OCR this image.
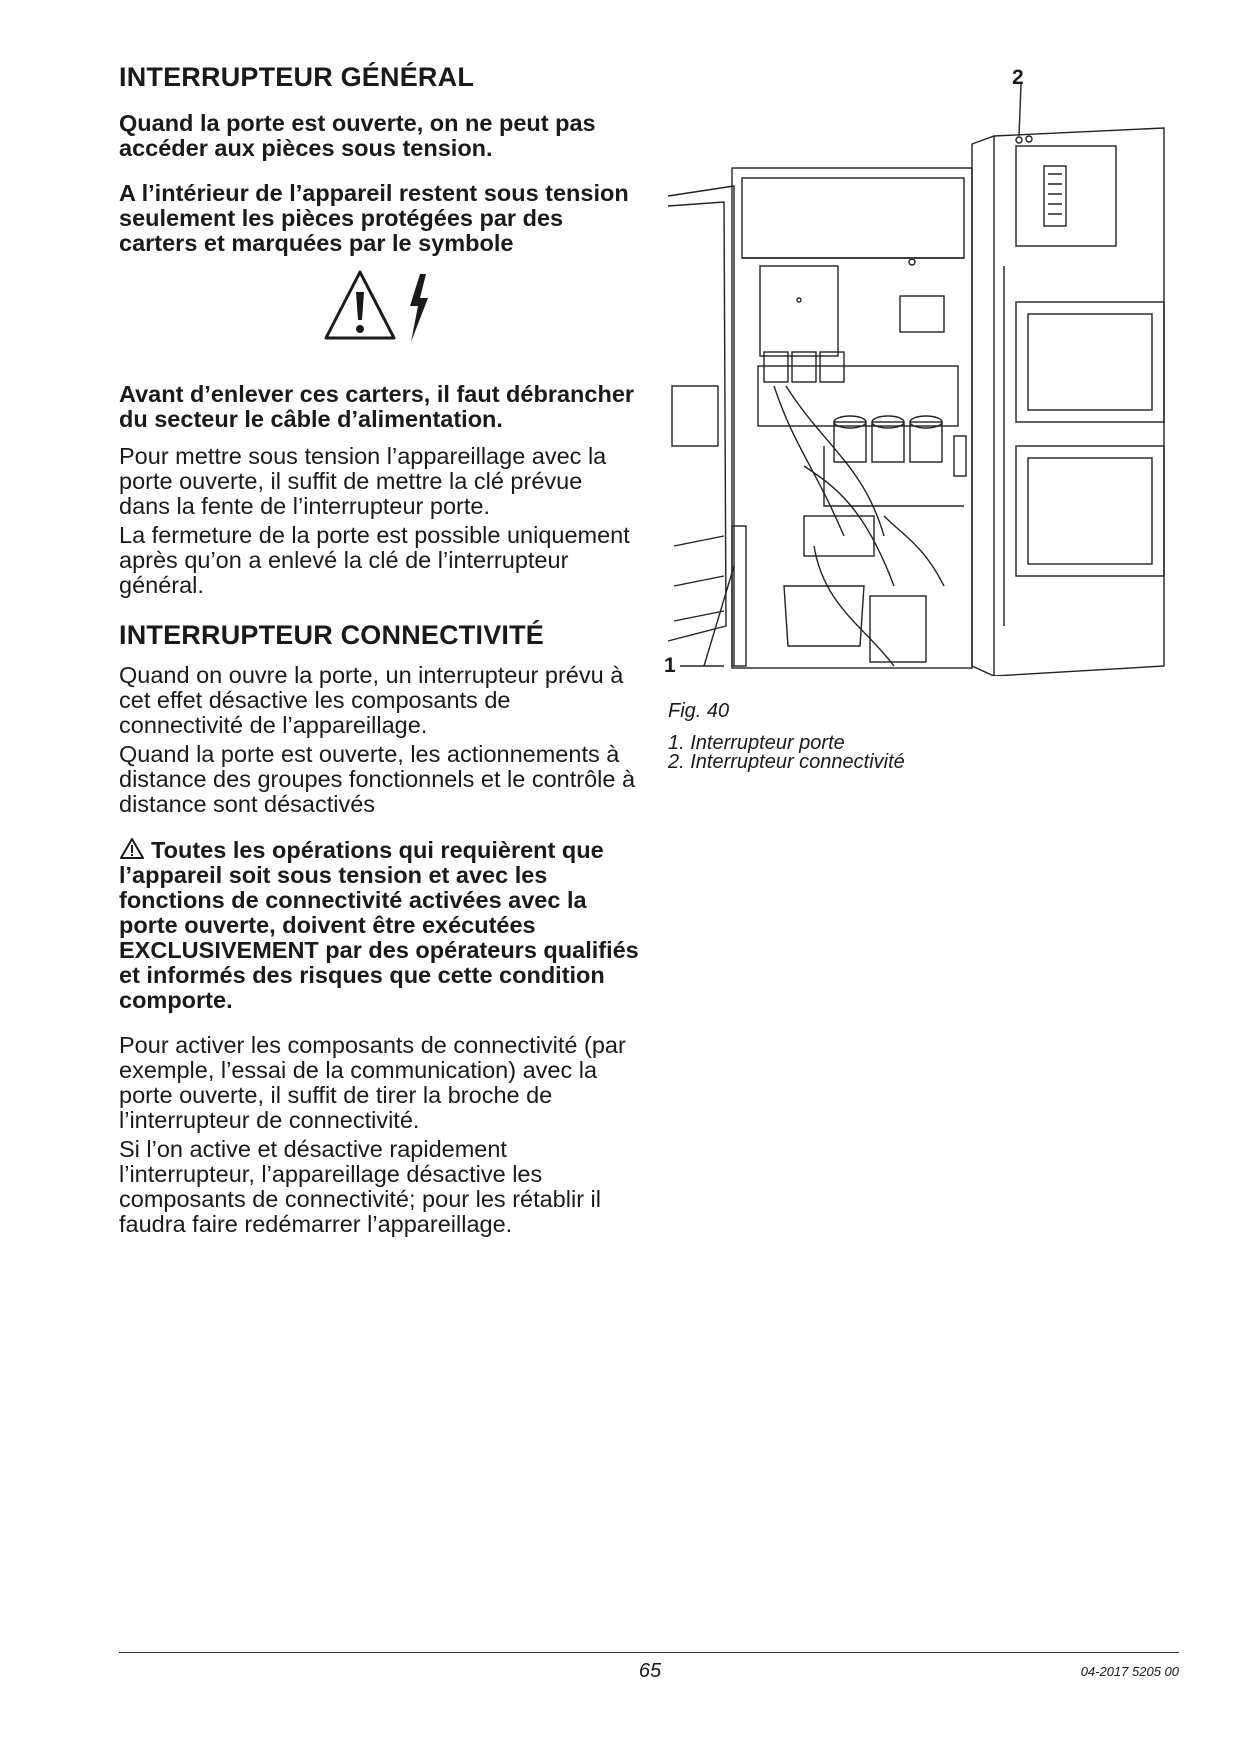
INTERRUPTEUR GÉNÉRAL

Quand la porte est ouverte, on ne peut pas accéder aux pièces sous tension.

A l’intérieur de l’appareil restent sous tension seulement les pièces protégées par des carters et marquées par le symbole

Avant d’enlever ces carters, il faut débrancher du secteur le câble d’alimentation.

Pour mettre sous tension l’appareillage avec la porte ouverte, il suffit de mettre la clé prévue dans la fente de l’interrupteur porte.

La fermeture de la porte est possible uniquement après qu’on a enlevé la clé de l’interrupteur général.

INTERRUPTEUR CONNECTIVITÉ

Quand on ouvre la porte, un interrupteur prévu à cet effet désactive les composants de connectivité de l’appareillage.

Quand la porte est ouverte, les actionnements à distance des groupes fonctionnels et le contrôle à distance sont désactivés

Toutes les opérations qui requièrent que l’appareil soit sous tension et avec les fonctions de connectivité activées avec la porte ouverte, doivent être exécutées EXCLUSIVEMENT par des opérateurs qualifiés et informés des risques que cette condition comporte.

Pour activer les composants de connectivité (par exemple, l’essai de la communication) avec la porte ouverte, il suffit de tirer la broche de l’interrupteur de connectivité.

Si l’on active et désactive rapidement l’interrupteur, l’appareillage désactive les composants de connectivité; pour les rétablir il faudra faire redémarrer l’appareillage.

2
1
Fig. 40
1. Interrupteur porte
2. Interrupteur connectivité
65	04-2017 5205 00
